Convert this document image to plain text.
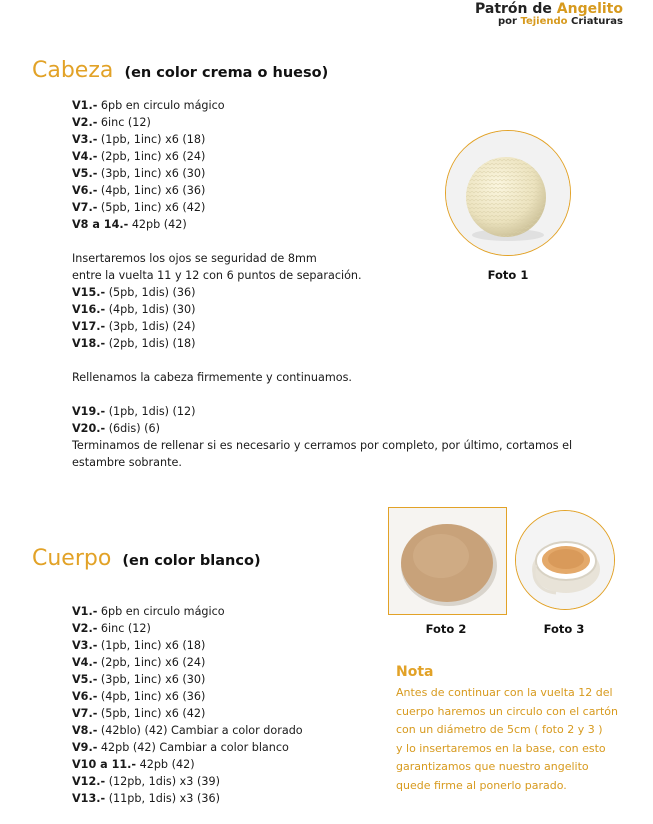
Patrón de Angelito
por Tejiendo Criaturas
Cabeza (en color crema o hueso)
V1.- 6pb en circulo mágico
V2.- 6inc (12)
V3.- (1pb, 1inc) x6 (18)
V4.- (2pb, 1inc) x6 (24)
V5.- (3pb, 1inc) x6 (30)
V6.- (4pb, 1inc) x6 (36)
V7.- (5pb, 1inc) x6 (42)
V8 a 14.- 42pb (42)
Insertaremos los ojos se seguridad de 8mm
entre la vuelta 11 y 12 con 6 puntos de separación.
V15.- (5pb, 1dis) (36)
V16.- (4pb, 1dis) (30)
V17.- (3pb, 1dis) (24)
V18.- (2pb, 1dis) (18)
Rellenamos la cabeza firmemente y continuamos.
V19.- (1pb, 1dis) (12)
V20.- (6dis) (6)
Terminamos de rellenar si es necesario y cerramos por completo, por último, cortamos el
estambre sobrante.
Foto 1
Cuerpo (en color blanco)
V1.- 6pb en circulo mágico
V2.- 6inc (12)
V3.- (1pb, 1inc) x6 (18)
V4.- (2pb, 1inc) x6 (24)
V5.- (3pb, 1inc) x6 (30)
V6.- (4pb, 1inc) x6 (36)
V7.- (5pb, 1inc) x6 (42)
V8.- (42blo) (42) Cambiar a color dorado
V9.- 42pb (42) Cambiar a color blanco
V10 a 11.- 42pb (42)
V12.- (12pb, 1dis) x3 (39)
V13.- (11pb, 1dis) x3 (36)
Foto 2	Foto 3
Nota
Antes de continuar con la vuelta 12 del
cuerpo haremos un circulo con el cartón
con un diámetro de 5cm ( foto 2 y 3 )
y lo insertaremos en la base, con esto
garantizamos que nuestro angelito
quede firme al ponerlo parado.
